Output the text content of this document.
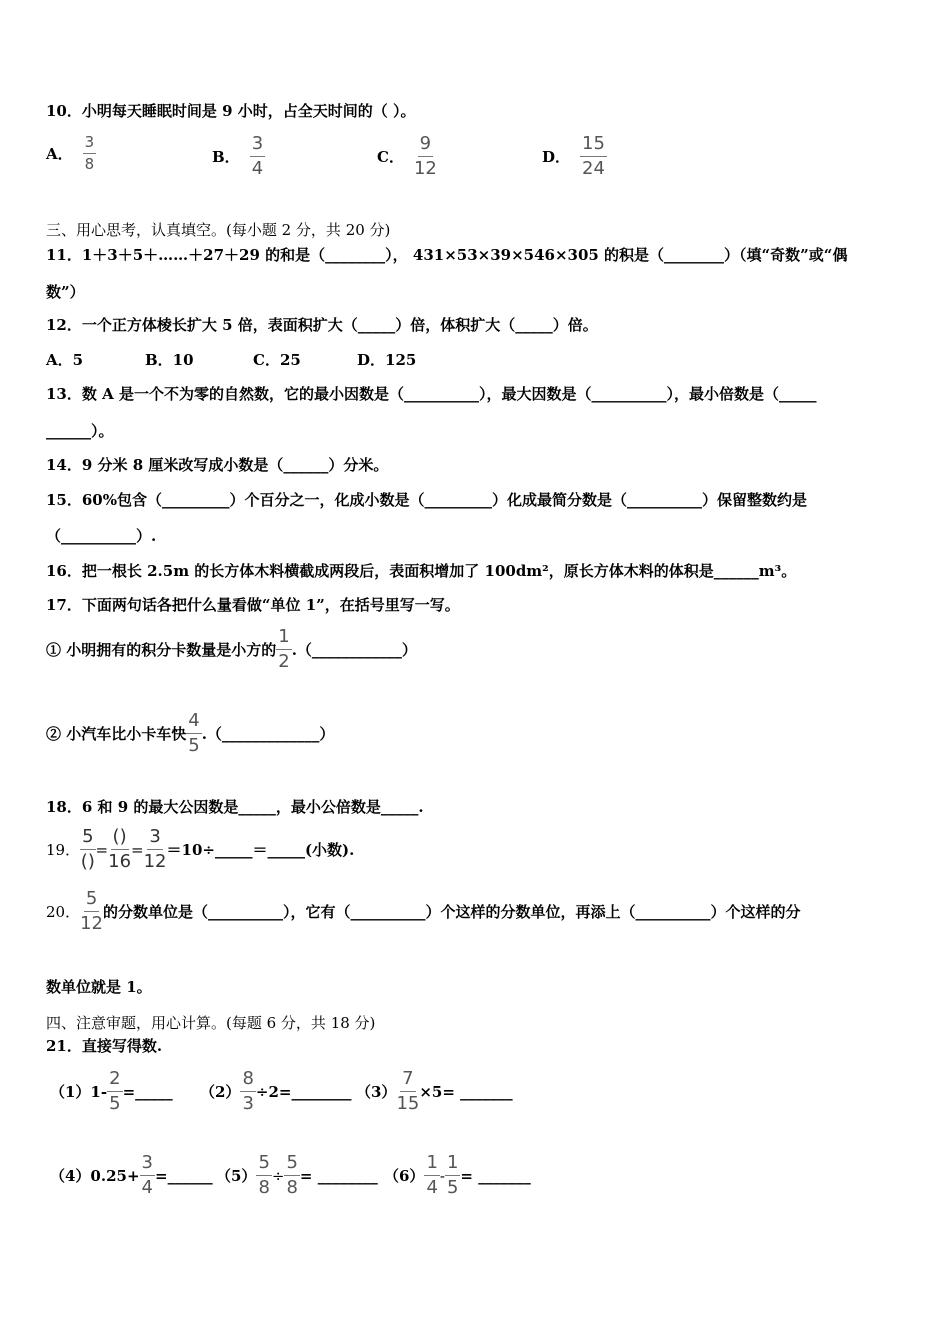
10．小明每天睡眠时间是 9 小时，占全天时间的（ ）。
A． $\frac{3}{8}$	B． $\frac{3}{4}$	C． $\frac{9}{12}$	D． $\frac{15}{24}$
三、用心思考，认真填空。(每小题 2 分，共 20 分)
11．1＋3＋5＋……＋27＋29 的和是（________）， 431×53×39×546×305 的积是（________）（填“奇数”或“偶
数”）
12．一个正方体棱长扩大 5 倍，表面积扩大（_____）倍，体积扩大（_____）倍。
A．5	B．10	C．25	D．125
13．数 A 是一个不为零的自然数，它的最小因数是（__________），最大因数是（__________），最小倍数是（_____
______）。
14．9 分米 8 厘米改写成小数是（______）分米。
15．60%包含（_________）个百分之一，化成小数是（_________）化成最简分数是（__________）保留整数约是
（__________）.
16．把一根长 2.5m 的长方体木料横截成两段后，表面积增加了 100dm²，原长方体木料的体积是______m³。
17．下面两句话各把什么量看做“单位 1”，在括号里写一写。
① 小明拥有的积分卡数量是小方的 $\frac{1}{2}$ .（____________）
② 小汽车比小卡车快 $\frac{4}{5}$ .（_____________）
18．6 和 9 的最大公因数是_____，最小公倍数是_____.
19． $\frac{5}{()} = \frac{()}{16} = \frac{3}{12}$ ＝10÷_____＝_____(小数).
20． $\frac{5}{12}$ 的分数单位是（__________），它有（__________）个这样的分数单位，再添上（__________）个这样的分
数单位就是 1。
四、注意审题，用心计算。(每题 6 分，共 18 分)
21．直接写得数.
$(1)1- \frac{2}{5}$ =_____ $(2) \frac{8}{3}$ ÷2=________ $(3) \frac{7}{15} \times 5=$ _______
$(4)0.25+ \frac{3}{4}$ =______ $(5) \frac{5}{8} \div \frac{5}{8}$ = ________ $(6) \frac{1}{4} - \frac{1}{5}$ = _______
